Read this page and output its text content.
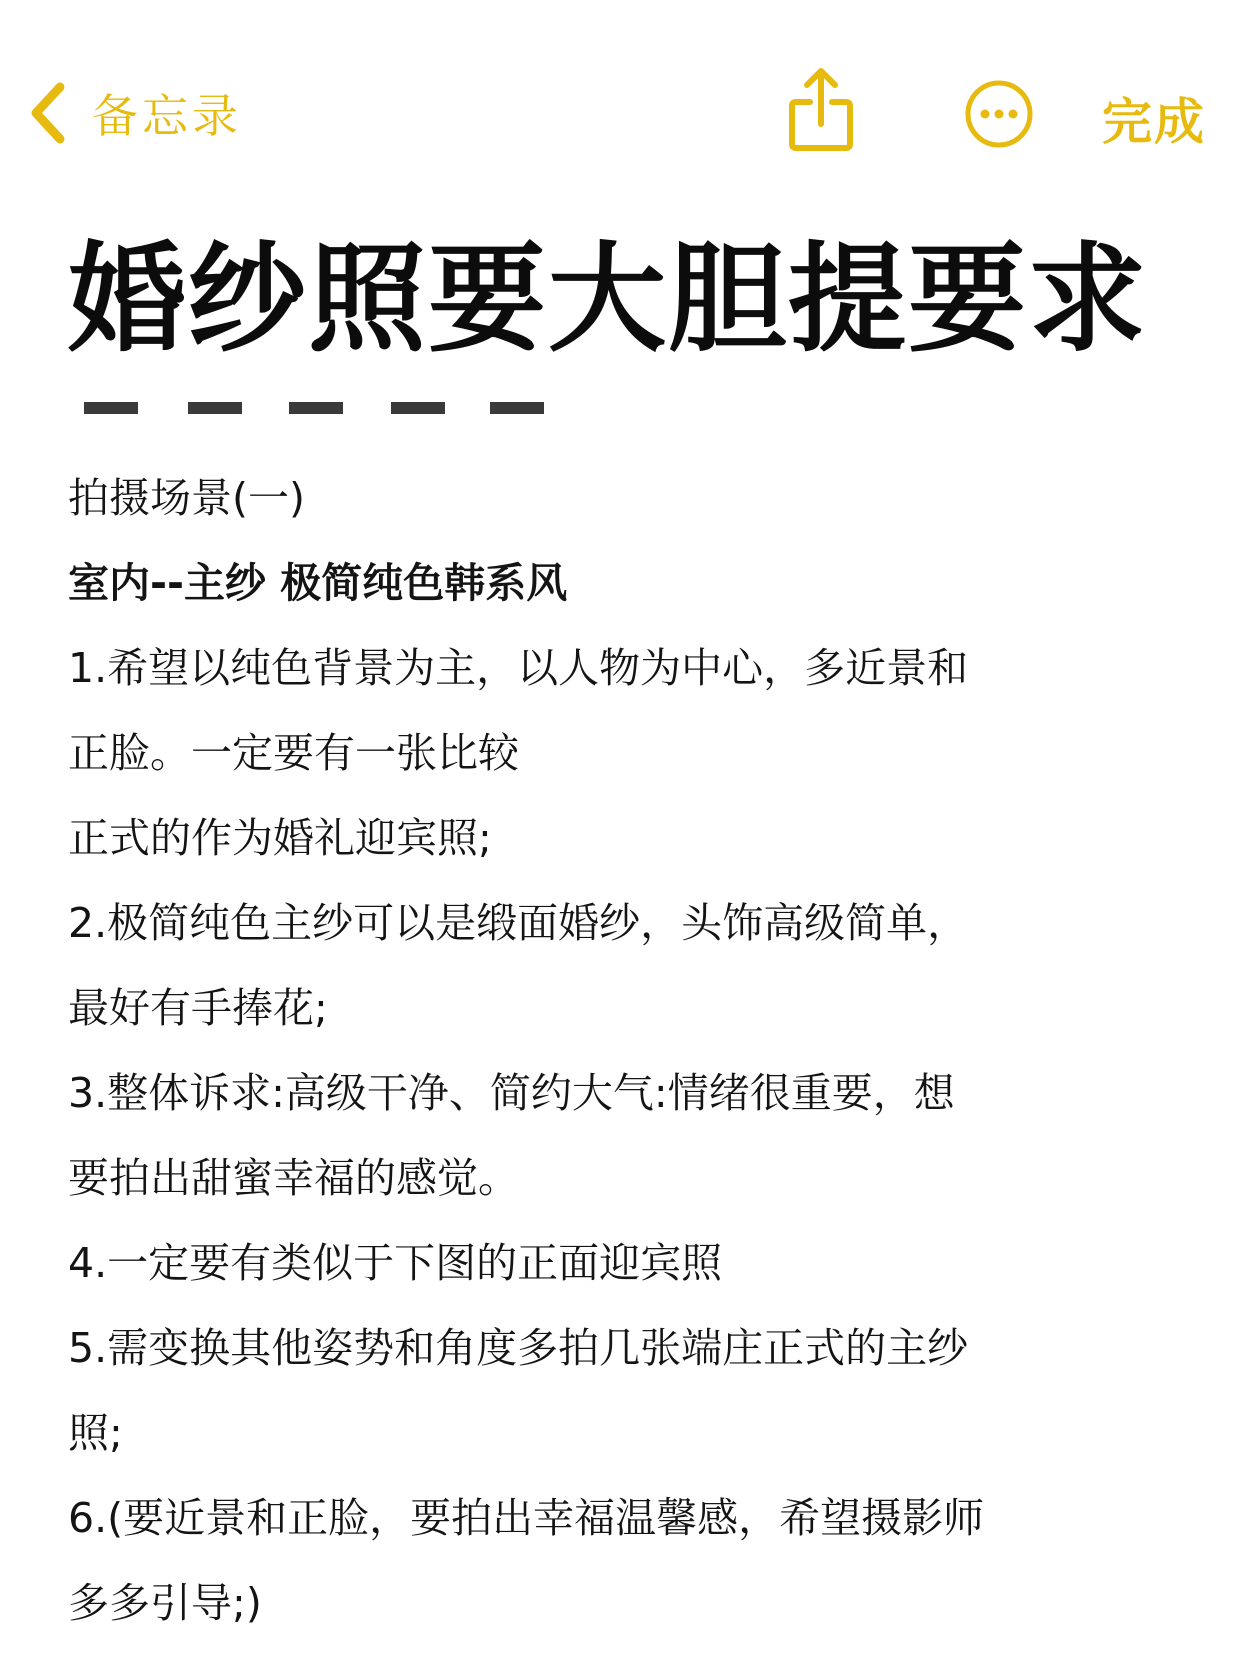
备忘录	完成
婚纱照要大胆提要求

拍摄场景(一)

室内--主纱 极简纯色韩系风

1.希望以纯色背景为主，以人物为中心，多近景和

正脸。一定要有一张比较

正式的作为婚礼迎宾照;

2.极简纯色主纱可以是缎面婚纱，头饰高级简单，

最好有手捧花;

3.整体诉求:高级干净、简约大气:情绪很重要，想

要拍出甜蜜幸福的感觉。

4.一定要有类似于下图的正面迎宾照

5.需变换其他姿势和角度多拍几张端庄正式的主纱

照;

6.(要近景和正脸，要拍出幸福温馨感，希望摄影师

多多引导;)
